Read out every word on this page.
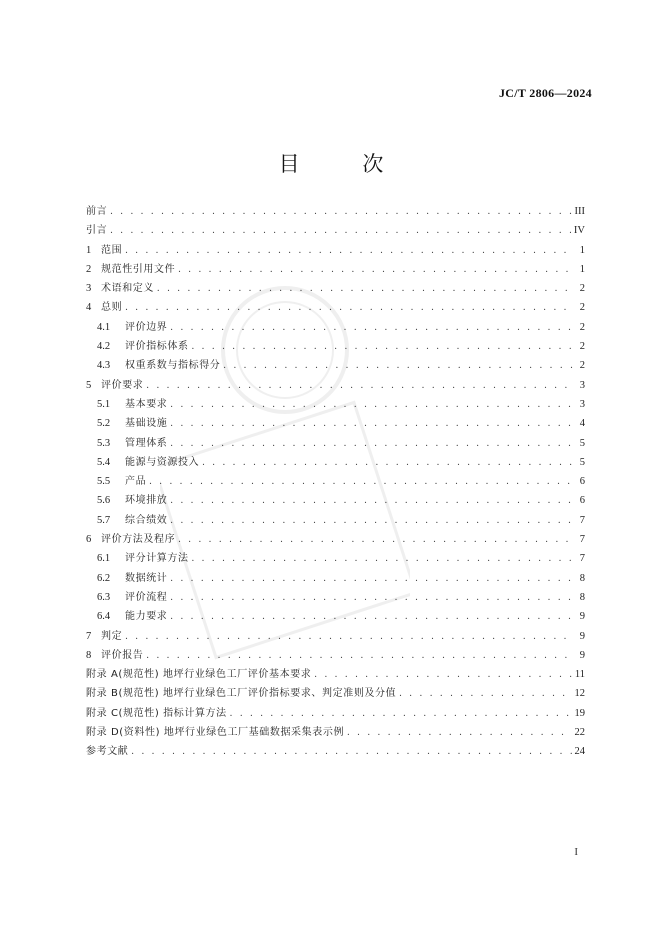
JC/T 2806—2024
目 次
前言 . . .	III
引言 . . .	IV
1 范围 . . .	1
2 规范性引用文件 . . .	1
3 术语和定义 . . .	2
4 总则 . . .	2
4.1	评价边界 . . .	2
4.2	评价指标体系 . . .	2
4.3	权重系数与指标得分 . . .	2
5 评价要求 . . .	3
5.1	基本要求 . . .	3
5.2	基础设施 . . .	4
5.3	管理体系 . . .	5
5.4	能源与资源投入 . . .	5
5.5	产品 . . .	6
5.6	环境排放 . . .	6
5.7	综合绩效 . . .	7
6 评价方法及程序 . . .	7
6.1	评分计算方法 . . .	7
6.2	数据统计 . . .	8
6.3	评价流程 . . .	8
6.4	能力要求 . . .	9
7 判定 . . .	9
8 评价报告 . . .	9
附录 A(规范性) 地坪行业绿色工厂评价基本要求 . . .	11
附录 B(规范性) 地坪行业绿色工厂评价指标要求、判定准则及分值 . . .	12
附录 C(规范性) 指标计算方法 . . .	19
附录 D(资料性) 地坪行业绿色工厂基础数据采集表示例 . . .	22
参考文献 . . .	24
I
